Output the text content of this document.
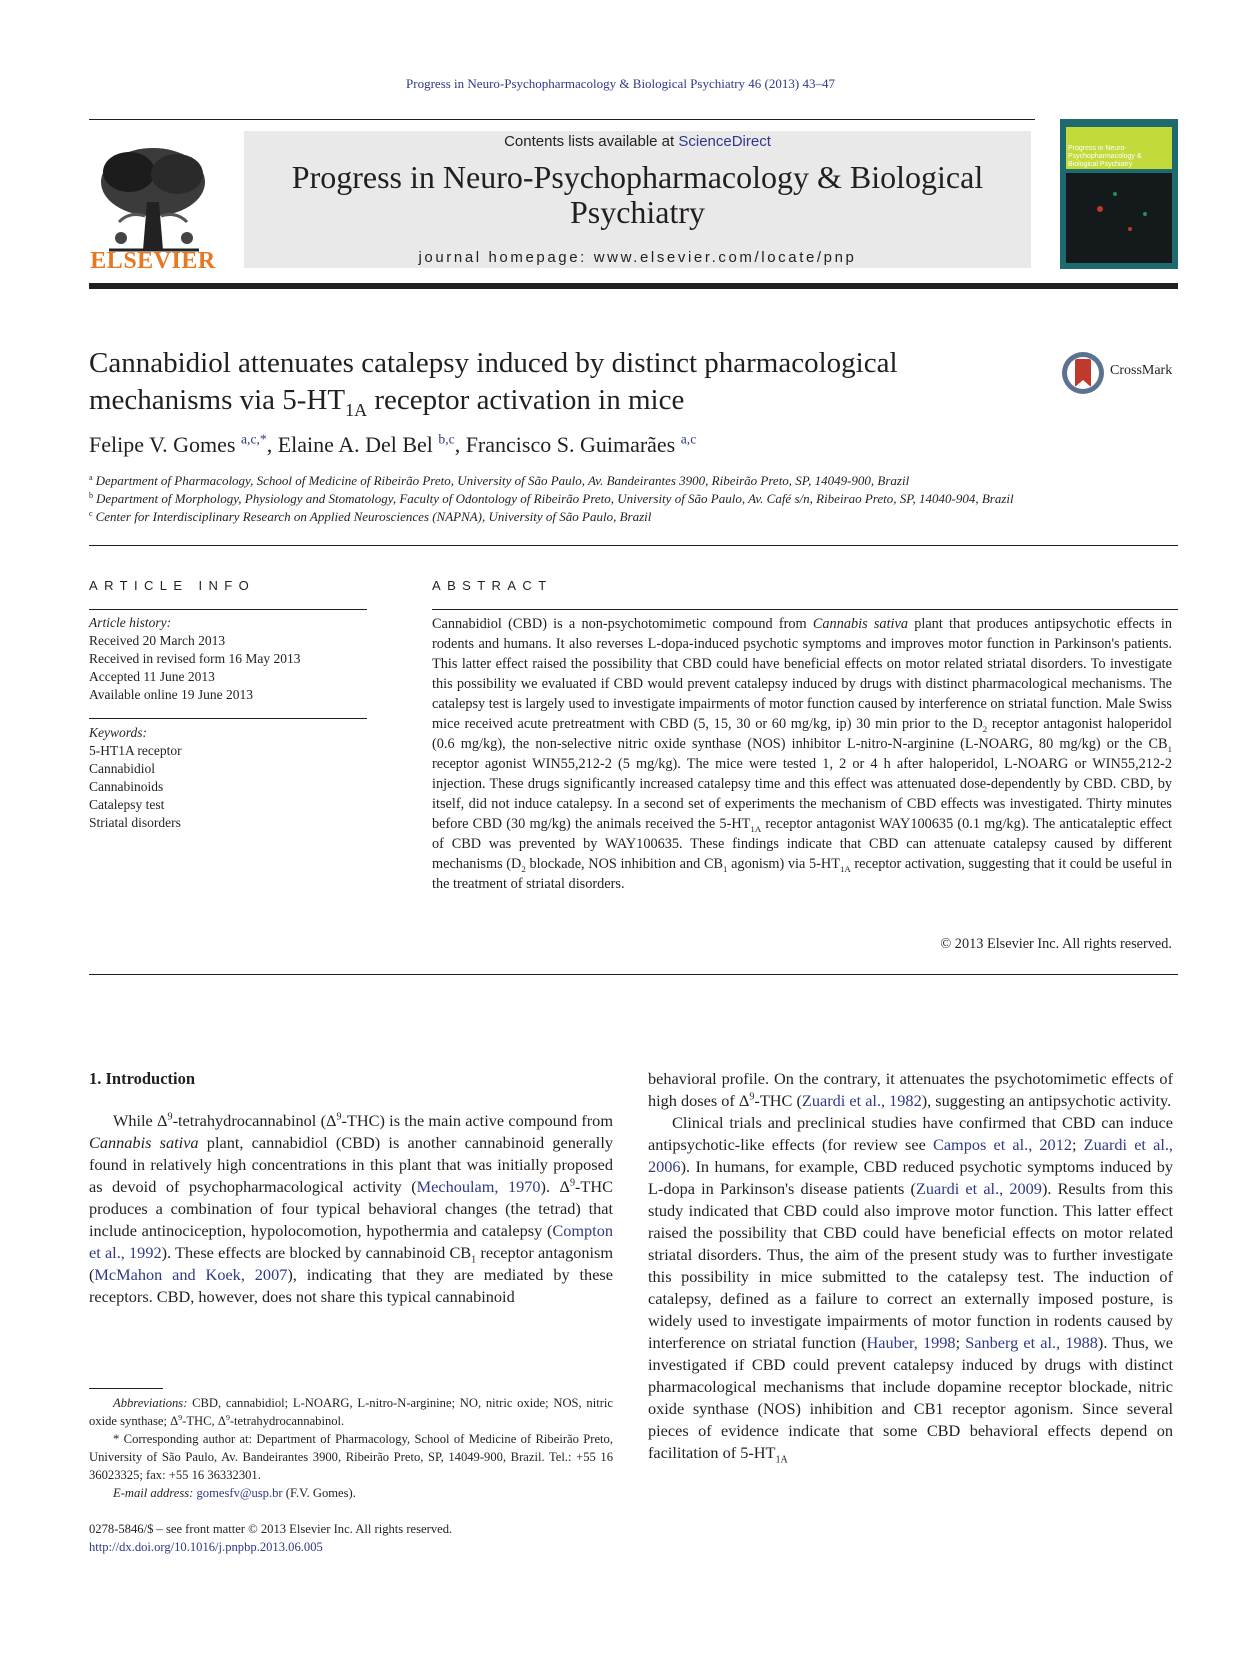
Progress in Neuro-Psychopharmacology & Biological Psychiatry 46 (2013) 43–47
ELSEVIER
Contents lists available at ScienceDirect
Progress in Neuro-Psychopharmacology & Biological Psychiatry
journal homepage: www.elsevier.com/locate/pnp
Progress in Neuro-Psychopharmacology & Biological Psychiatry
Cannabidiol attenuates catalepsy induced by distinct pharmacological mechanisms via $5-HT_{1A}$ receptor activation in mice
CrossMark
Felipe V. Gomes $^{a,c,*}$, Elaine A. Del Bel $^{b,c}$, Francisco S. Guimarães $^{a,c}$
$^a$ Department of Pharmacology, School of Medicine of Ribeirão Preto, University of São Paulo, Av. Bandeirantes 3900, Ribeirão Preto, SP, 14049-900, Brazil
$^b$ Department of Morphology, Physiology and Stomatology, Faculty of Odontology of Ribeirão Preto, University of São Paulo, Av. Café s/n, Ribeirao Preto, SP, 14040-904, Brazil
$^c$ Center for Interdisciplinary Research on Applied Neurosciences (NAPNA), University of São Paulo, Brazil
ARTICLE INFO
Article history:
Received 20 March 2013
Received in revised form 16 May 2013
Accepted 11 June 2013
Available online 19 June 2013
Keywords:
5-HT1A receptor
Cannabidiol
Cannabinoids
Catalepsy test
Striatal disorders
ABSTRACT
Cannabidiol (CBD) is a non-psychotomimetic compound from Cannabis sativa plant that produces antipsychotic effects in rodents and humans. It also reverses L-dopa-induced psychotic symptoms and improves motor function in Parkinson's patients. This latter effect raised the possibility that CBD could have beneficial effects on motor related striatal disorders. To investigate this possibility we evaluated if CBD would prevent catalepsy induced by drugs with distinct pharmacological mechanisms. The catalepsy test is largely used to investigate impairments of motor function caused by interference on striatal function. Male Swiss mice received acute pretreatment with CBD (5, 15, 30 or 60 mg/kg, ip) 30 min prior to the $D_2$ receptor antagonist haloperidol (0.6 mg/kg), the non-selective nitric oxide synthase (NOS) inhibitor L-nitro-N-arginine (L-NOARG, 80 mg/kg) or the $CB_1$ receptor agonist WIN55,212-2 (5 mg/kg). The mice were tested 1, 2 or 4 h after haloperidol, L-NOARG or WIN55,212-2 injection. These drugs significantly increased catalepsy time and this effect was attenuated dose-dependently by CBD. CBD, by itself, did not induce catalepsy. In a second set of experiments the mechanism of CBD effects was investigated. Thirty minutes before CBD (30 mg/kg) the animals received the $5-HT_{1A}$ receptor antagonist WAY100635 (0.1 mg/kg). The anticataleptic effect of CBD was prevented by WAY100635. These findings indicate that CBD can attenuate catalepsy caused by different mechanisms ($D_2$ blockade, NOS inhibition and $CB_1$ agonism) via $5-HT_{1A}$ receptor activation, suggesting that it could be useful in the treatment of striatal disorders.
© 2013 Elsevier Inc. All rights reserved.
1. Introduction

While $\Delta^9$-tetrahydrocannabinol $(\Delta^9-THC)$ is the main active compound from Cannabis sativa plant, cannabidiol (CBD) is another cannabinoid generally found in relatively high concentrations in this plant that was initially proposed as devoid of psychopharmacological activity (Mechoulam, 1970). $\Delta^9$-THC produces a combination of four typical behavioral changes (the tetrad) that include antinociception, hypolocomotion, hypothermia and catalepsy (Compton et al., 1992). These effects are blocked by cannabinoid $CB_1$ receptor antagonism (McMahon and Koek, 2007), indicating that they are mediated by these receptors. CBD, however, does not share this typical cannabinoid

behavioral profile. On the contrary, it attenuates the psychotomimetic effects of high doses of $\Delta^9$-THC (Zuardi et al., 1982), suggesting an antipsychotic activity.

Clinical trials and preclinical studies have confirmed that CBD can induce antipsychotic-like effects (for review see Campos et al., 2012; Zuardi et al., 2006). In humans, for example, CBD reduced psychotic symptoms induced by L-dopa in Parkinson's disease patients (Zuardi et al., 2009). Results from this study indicated that CBD could also improve motor function. This latter effect raised the possibility that CBD could have beneficial effects on motor related striatal disorders. Thus, the aim of the present study was to further investigate this possibility in mice submitted to the catalepsy test. The induction of catalepsy, defined as a failure to correct an externally imposed posture, is widely used to investigate impairments of motor function in rodents caused by interference on striatal function (Hauber, 1998; Sanberg et al., 1988). Thus, we investigated if CBD could prevent catalepsy induced by drugs with distinct pharmacological mechanisms that include dopamine receptor blockade, nitric oxide synthase (NOS) inhibition and CB1 receptor agonism. Since several pieces of evidence indicate that some CBD behavioral effects depend on facilitation of $5-HT_{1A}$

Abbreviations: CBD, cannabidiol; L-NOARG, L-nitro-N-arginine; NO, nitric oxide; NOS, nitric oxide synthase; $\Delta^9$-THC, $\Delta^9$-tetrahydrocannabinol.

* Corresponding author at: Department of Pharmacology, School of Medicine of Ribeirão Preto, University of São Paulo, Av. Bandeirantes 3900, Ribeirão Preto, SP, 14049-900, Brazil. Tel.: +55 16 36023325; fax: +55 16 36332301.

E-mail address: gomesfv@usp.br (F.V. Gomes).

0278-5846/$ – see front matter © 2013 Elsevier Inc. All rights reserved.
http://dx.doi.org/10.1016/j.pnpbp.2013.06.005
